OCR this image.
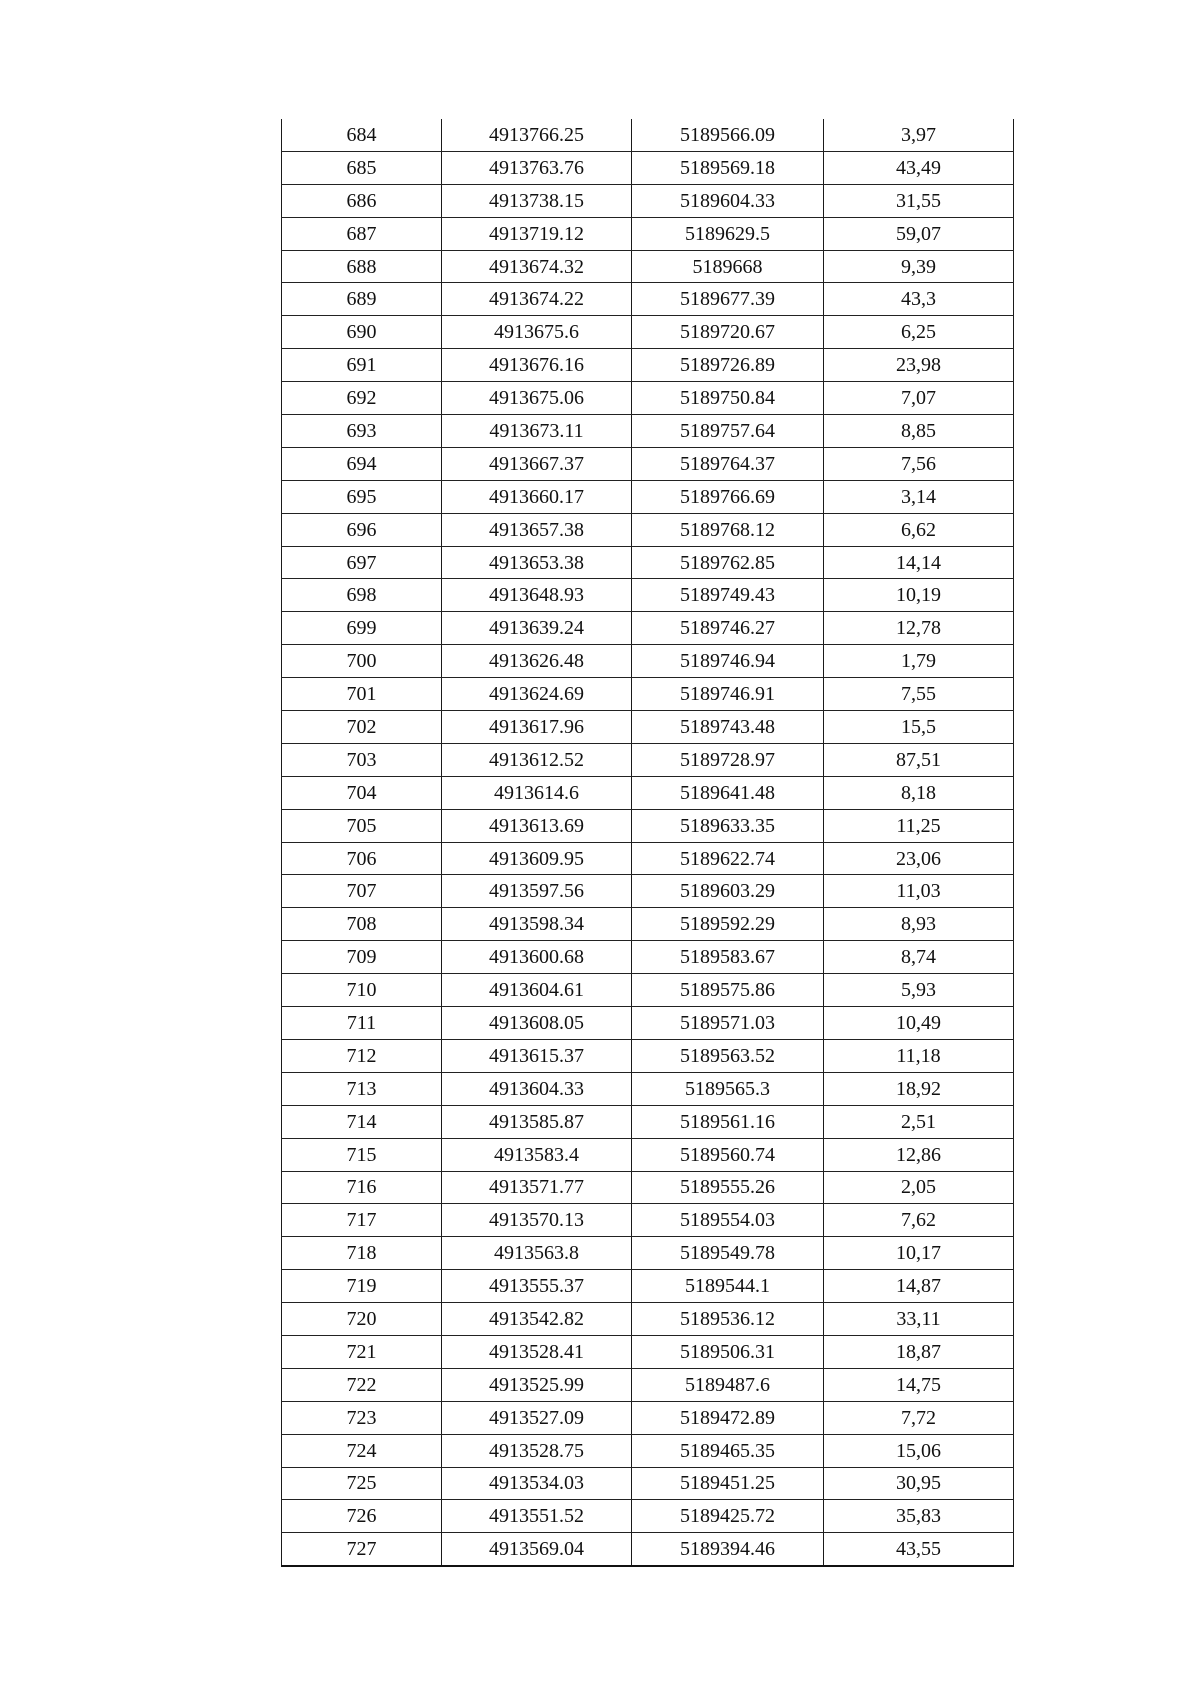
684	4913766.25	5189566.09	3,97
685	4913763.76	5189569.18	43,49
686	4913738.15	5189604.33	31,55
687	4913719.12	5189629.5	59,07
688	4913674.32	5189668	9,39
689	4913674.22	5189677.39	43,3
690	4913675.6	5189720.67	6,25
691	4913676.16	5189726.89	23,98
692	4913675.06	5189750.84	7,07
693	4913673.11	5189757.64	8,85
694	4913667.37	5189764.37	7,56
695	4913660.17	5189766.69	3,14
696	4913657.38	5189768.12	6,62
697	4913653.38	5189762.85	14,14
698	4913648.93	5189749.43	10,19
699	4913639.24	5189746.27	12,78
700	4913626.48	5189746.94	1,79
701	4913624.69	5189746.91	7,55
702	4913617.96	5189743.48	15,5
703	4913612.52	5189728.97	87,51
704	4913614.6	5189641.48	8,18
705	4913613.69	5189633.35	11,25
706	4913609.95	5189622.74	23,06
707	4913597.56	5189603.29	11,03
708	4913598.34	5189592.29	8,93
709	4913600.68	5189583.67	8,74
710	4913604.61	5189575.86	5,93
711	4913608.05	5189571.03	10,49
712	4913615.37	5189563.52	11,18
713	4913604.33	5189565.3	18,92
714	4913585.87	5189561.16	2,51
715	4913583.4	5189560.74	12,86
716	4913571.77	5189555.26	2,05
717	4913570.13	5189554.03	7,62
718	4913563.8	5189549.78	10,17
719	4913555.37	5189544.1	14,87
720	4913542.82	5189536.12	33,11
721	4913528.41	5189506.31	18,87
722	4913525.99	5189487.6	14,75
723	4913527.09	5189472.89	7,72
724	4913528.75	5189465.35	15,06
725	4913534.03	5189451.25	30,95
726	4913551.52	5189425.72	35,83
727	4913569.04	5189394.46	43,55
